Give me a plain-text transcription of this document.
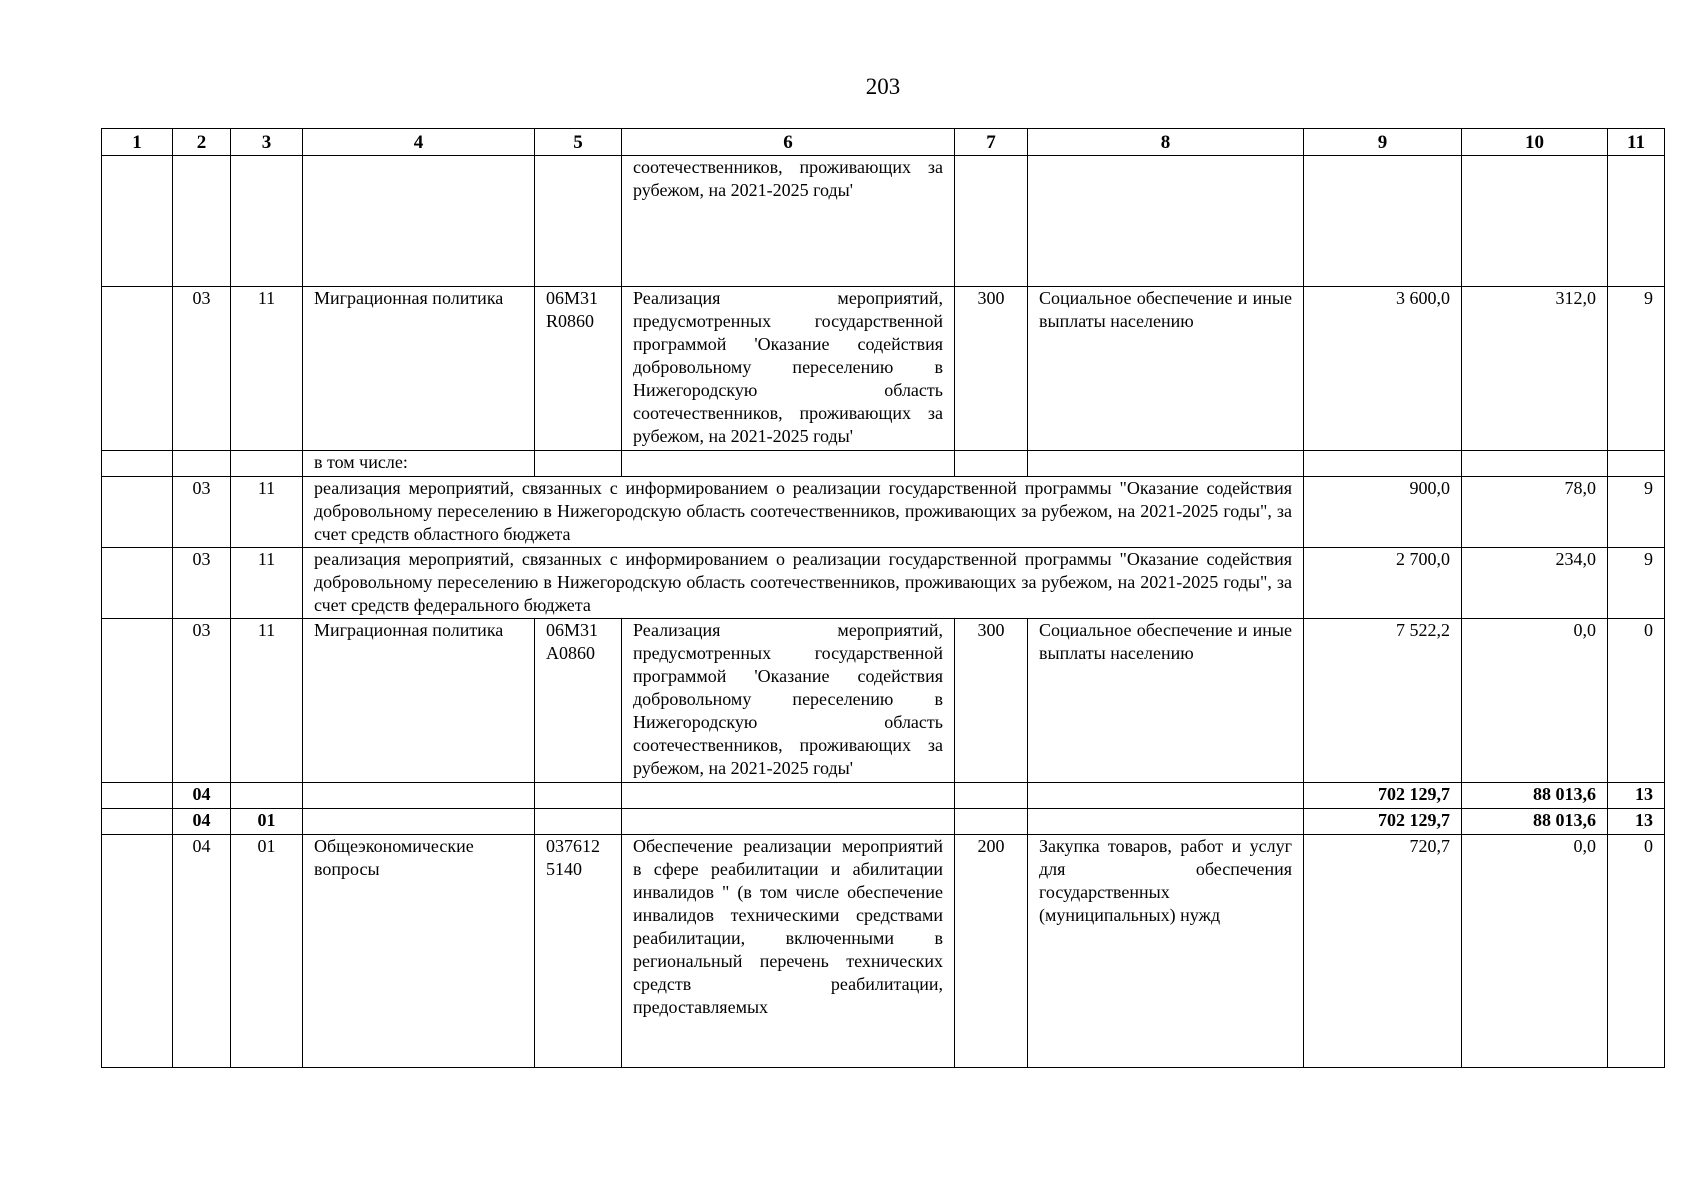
203
1	2	3	4	5	6	7	8	9	10	11
					соотечественников, проживающих за рубежом, на 2021-2025 годы'					
	03	11	Миграционная политика	06М31 R0860	Реализация мероприятий, предусмотренных государственной программой 'Оказание содействия добровольному переселению в Нижегородскую область соотечественников, проживающих за рубежом, на 2021-2025 годы'	300	Социальное обеспечение и иные выплаты населению	3 600,0	312,0	9
			в том числе:							
	03	11	реализация мероприятий, связанных с информированием о реализации государственной программы "Оказание содействия добровольному переселению в Нижегородскую область соотечественников, проживающих за рубежом, на 2021-2025 годы", за счет средств областного бюджета					900,0	78,0	9
	03	11	реализация мероприятий, связанных с информированием о реализации государственной программы "Оказание содействия добровольному переселению в Нижегородскую область соотечественников, проживающих за рубежом, на 2021-2025 годы", за счет средств федерального бюджета					2 700,0	234,0	9
	03	11	Миграционная политика	06М31 А0860	Реализация мероприятий, предусмотренных государственной программой 'Оказание содействия добровольному переселению в Нижегородскую область соотечественников, проживающих за рубежом, на 2021-2025 годы'	300	Социальное обеспечение и иные выплаты населению	7 522,2	0,0	0
	04							702 129,7	88 013,6	13
	04	01						702 129,7	88 013,6	13
	04	01	Общеэкономические вопросы	037612 5140	Обеспечение реализации мероприятий в сфере реабилитации и абилитации инвалидов " (в том числе обеспечение инвалидов техническими средствами реабилитации, включенными в региональный перечень технических средств реабилитации, предоставляемых	200	Закупка товаров, работ и услуг для обеспечения государственных (муниципальных) нужд	720,7	0,0	0
